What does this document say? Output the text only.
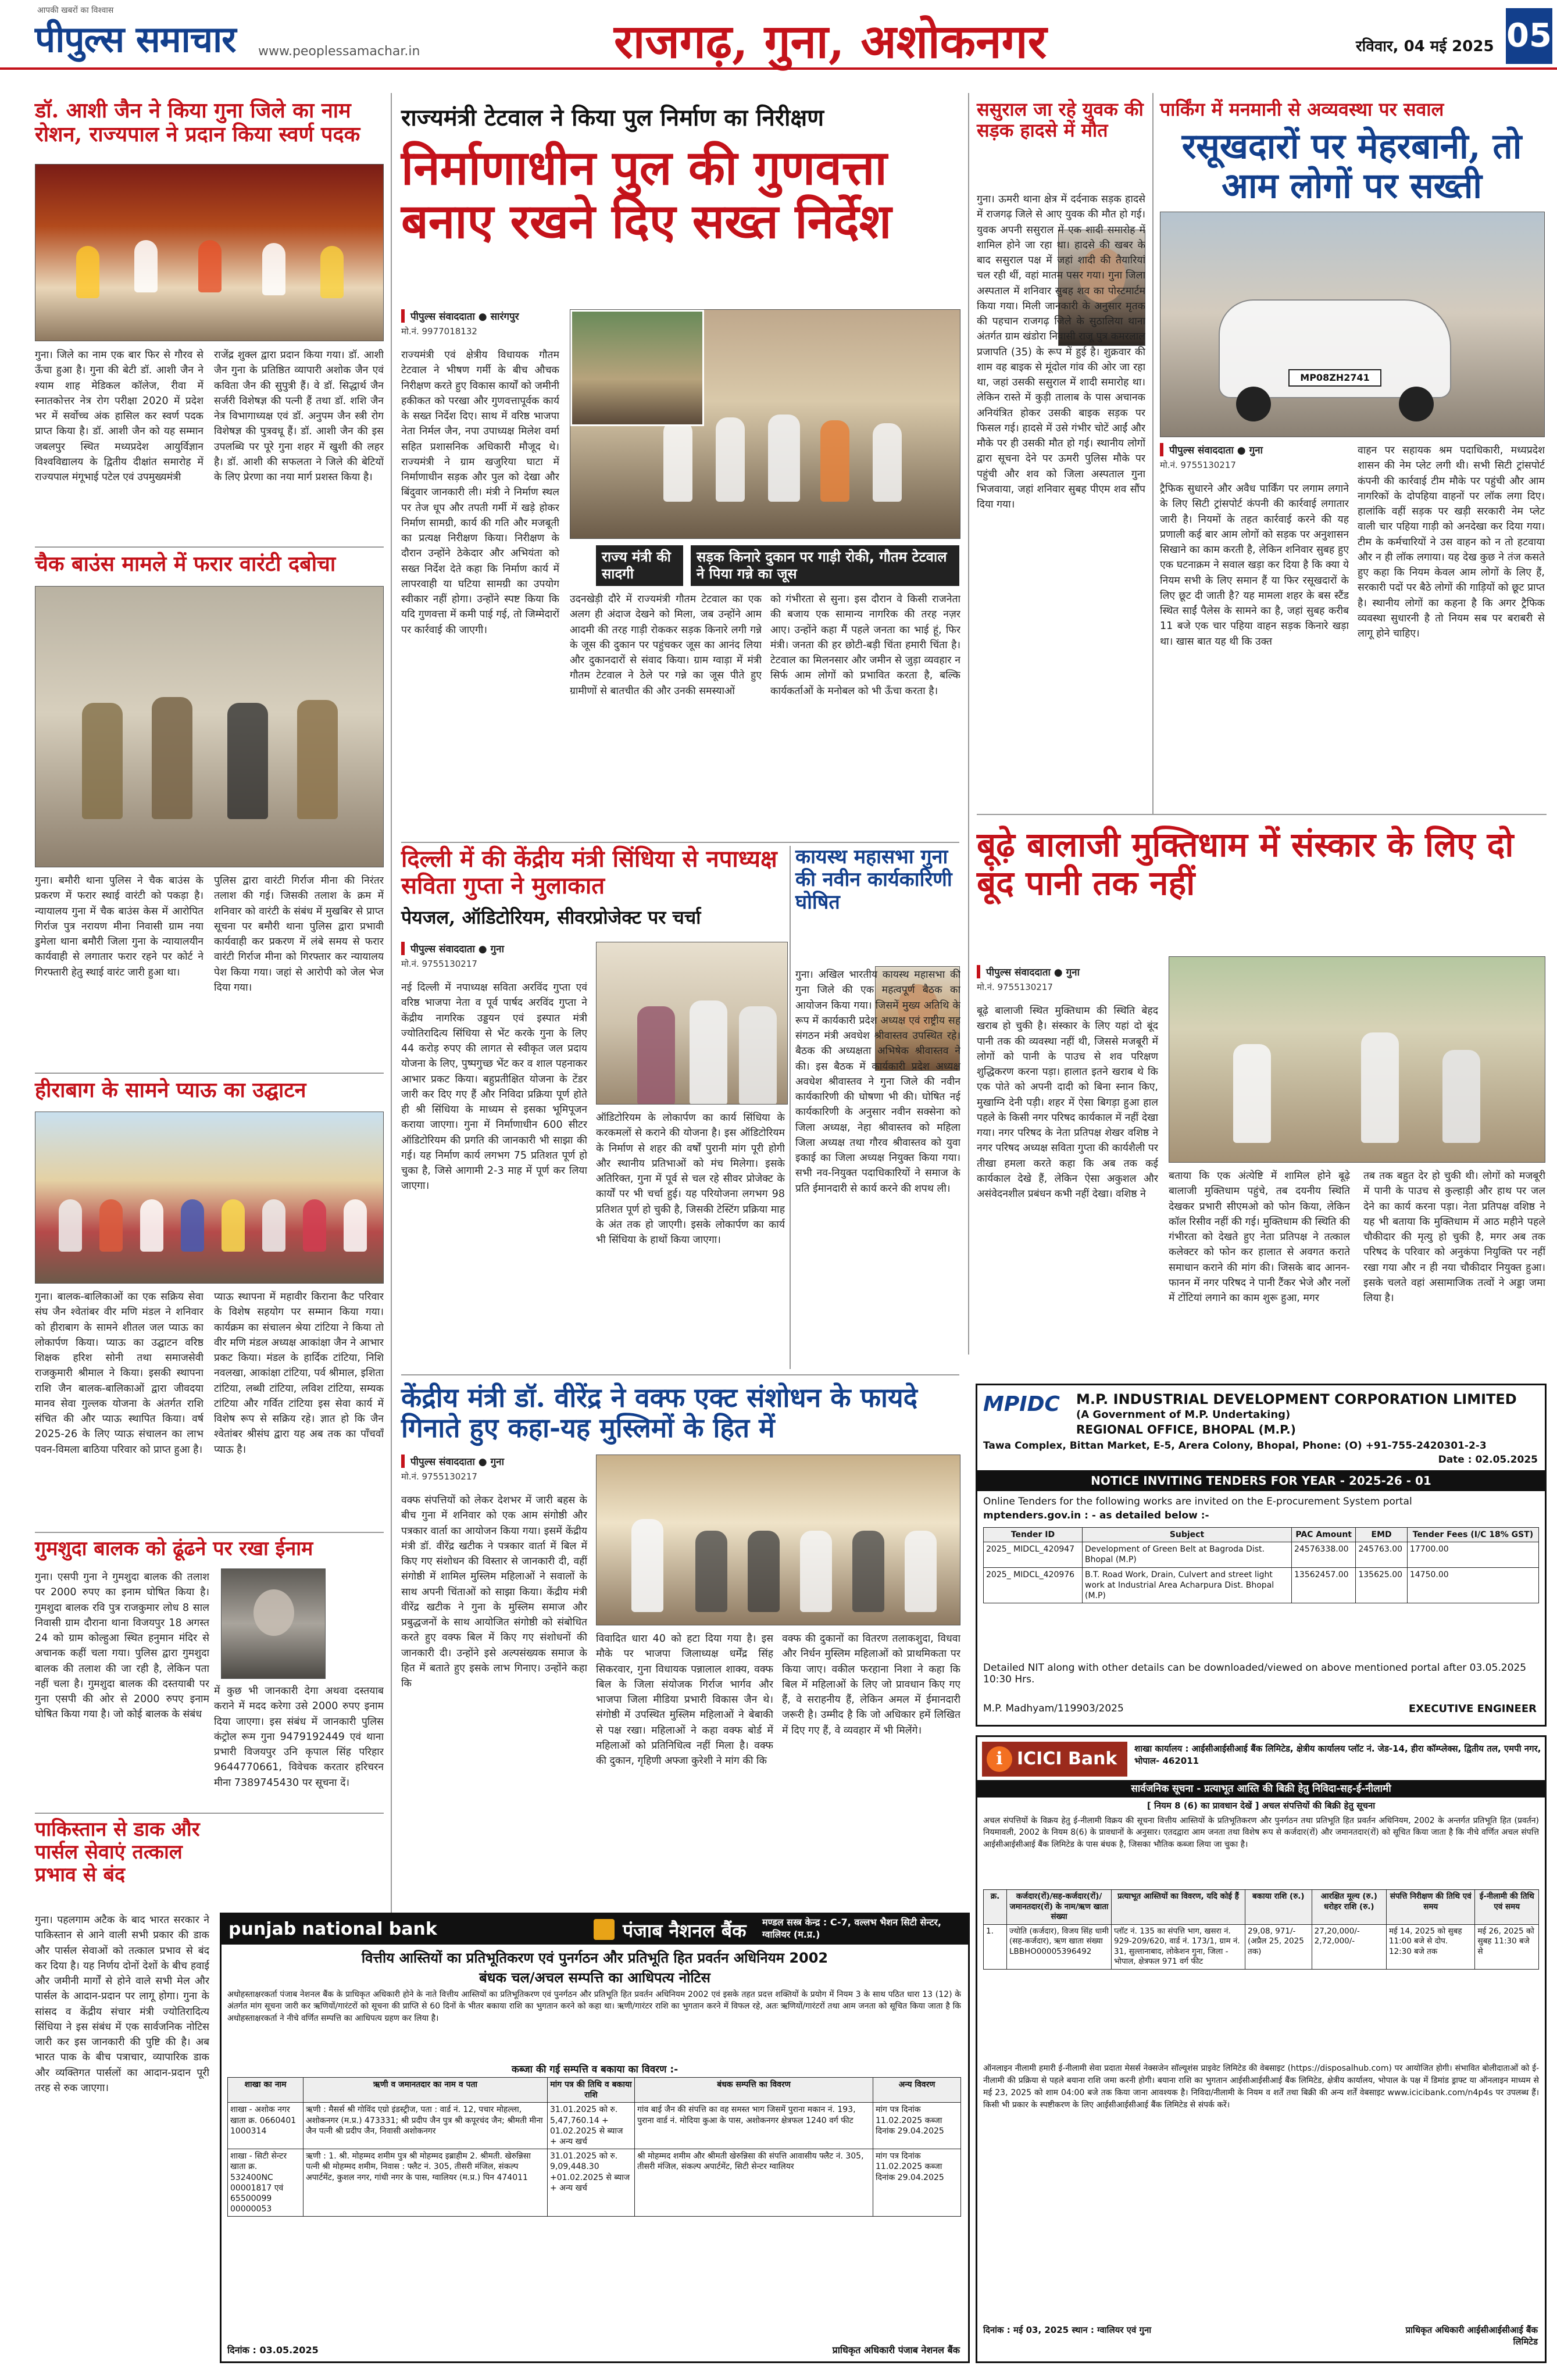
आपकी खबरों का विश्वास
पीपुल्स समाचार www.peoplessamachar.in	राजगढ़, गुना, अशोकनगर	रविवार, 04 मई 2025 05
डॉ. आशी जैन ने किया गुना जिले का नाम रोशन, राज्यपाल ने प्रदान किया स्वर्ण पदक
गुना। जिले का नाम एक बार फिर से गौरव से ऊँचा हुआ है। गुना की बेटी डॉ. आशी जैन ने श्याम शाह मेडिकल कॉलेज, रीवा में स्नातकोत्तर नेत्र रोग परीक्षा 2020 में प्रदेश भर में सर्वोच्च अंक हासिल कर स्वर्ण पदक प्राप्त किया है। डॉ. आशी जैन को यह सम्मान जबलपुर स्थित मध्यप्रदेश आयुर्विज्ञान विश्वविद्यालय के द्वितीय दीक्षांत समारोह में राज्यपाल मंगूभाई पटेल एवं उपमुख्यमंत्री
राजेंद्र शुक्ल द्वारा प्रदान किया गया। डॉ. आशी जैन गुना के प्रतिष्ठित व्यापारी अशोक जैन एवं कविता जैन की सुपुत्री हैं। वे डॉ. सिद्धार्थ जैन सर्जरी विशेषज्ञ की पत्नी हैं तथा डॉ. शशि जैन नेत्र विभागाध्यक्ष एवं डॉ. अनुपम जैन स्त्री रोग विशेषज्ञ की पुत्रवधू हैं। डॉ. आशी जैन की इस उपलब्धि पर पूरे गुना शहर में खुशी की लहर है। डॉ. आशी की सफलता ने जिले की बेटियों के लिए प्रेरणा का नया मार्ग प्रशस्त किया है।
चैक बाउंस मामले में फरार वारंटी दबोचा
गुना। बमौरी थाना पुलिस ने चैक बाउंस के प्रकरण में फरार स्थाई वारंटी को पकड़ा है। न्यायालय गुना में चैक बाउंस केस में आरोपित गिर्राज पुत्र नरायण मीना निवासी ग्राम नया डुमेला थाना बमौरी जिला गुना के न्यायालयीन कार्यवाही से लगातार फरार रहने पर कोर्ट ने गिरफ्तारी हेतु स्थाई वारंट जारी हुआ था।
पुलिस द्वारा वारंटी गिर्राज मीना की निरंतर तलाश की गई। जिसकी तलाश के क्रम में शनिवार को वारंटी के संबंध में मुखबिर से प्राप्त सूचना पर बमौरी थाना पुलिस द्वारा प्रभावी कार्यवाही कर प्रकरण में लंबे समय से फरार वारंटी गिर्राज मीना को गिरफ्तार कर न्यायालय पेश किया गया। जहां से आरोपी को जेल भेज दिया गया।
हीराबाग के सामने प्याऊ का उद्घाटन
गुना। बालक-बालिकाओं का एक सक्रिय सेवा संघ जैन श्वेतांबर वीर मणि मंडल ने शनिवार को हीराबाग के सामने शीतल जल प्याऊ का लोकार्पण किया। प्याऊ का उद्घाटन वरिष्ठ शिक्षक हरिश सोनी तथा समाजसेवी राजकुमारी श्रीमाल ने किया। इसकी स्थापना राशि जैन बालक-बालिकाओं द्वारा जीवदया मानव सेवा गुल्लक योजना के अंतर्गत राशि संचित की और प्याऊ स्थापित किया। वर्ष 2025-26 के लिए प्याऊ संचालन का लाभ पवन-विमला बाठिया परिवार को प्राप्त हुआ है।
प्याऊ स्थापना में महावीर किराना कैट परिवार के विशेष सहयोग पर सम्मान किया गया। कार्यक्रम का संचालन श्रेया टांटिया ने किया तो वीर मणि मंडल अध्यक्ष आकांक्षा जैन ने आभार प्रकट किया। मंडल के हार्दिक टांटिया, निशि नवलखा, आकांक्षा टांटिया, पर्व श्रीमाल, इशिता टांटिया, लब्धी टांटिया, लविश टांटिया, सम्यक टांटिया और गर्वित टांटिया इस सेवा कार्य में विशेष रूप से सक्रिय रहे। ज्ञात हो कि जैन श्वेतांबर श्रीसंघ द्वारा यह अब तक का पाँचवाँ प्याऊ है।
गुमशुदा बालक को ढूंढने पर रखा ईनाम
गुना। एसपी गुना ने गुमशुदा बालक की तलाश पर 2000 रुपए का इनाम घोषित किया है। गुमशुदा बालक रवि पुत्र राजकुमार लोध 8 साल निवासी ग्राम दौराना थाना विजयपुर 18 अगस्त 24 को ग्राम कोल्हुआ स्थित हनुमान मंदिर से अचानक कहीं चला गया। पुलिस द्वारा गुमशुदा बालक की तलाश की जा रही है, लेकिन पता नहीं चला है। गुमशुदा बालक की दस्तयाबी पर गुना एसपी की ओर से 2000 रुपए इनाम घोषित किया गया है। जो कोई बालक के संबंध
में कुछ भी जानकारी देगा अथवा दस्तयाब कराने में मदद करेगा उसे 2000 रुपए इनाम दिया जाएगा। इस संबंध में जानकारी पुलिस कंट्रोल रूम गुना 9479192449 एवं थाना प्रभारी विजयपुर उनि कृपाल सिंह परिहार 9644770661, विवेचक करतार हरिचरन मीना 7389745430 पर सूचना दें।
पाकिस्तान से डाक और पार्सल सेवाएं तत्काल प्रभाव से बंद
गुना। पहलगाम अटैक के बाद भारत सरकार ने पाकिस्तान से आने वाली सभी प्रकार की डाक और पार्सल सेवाओं को तत्काल प्रभाव से बंद कर दिया है। यह निर्णय दोनों देशों के बीच हवाई और जमीनी मार्गों से होने वाले सभी मेल और पार्सल के आदान-प्रदान पर लागू होगा। गुना के सांसद व केंद्रीय संचार मंत्री ज्योतिरादित्य सिंधिया ने इस संबंध में एक सार्वजनिक नोटिस जारी कर इस जानकारी की पुष्टि की है। अब भारत पाक के बीच पत्राचार, व्यापारिक डाक और व्यक्तिगत पार्सलों का आदान-प्रदान पूरी तरह से रुक जाएगा।
राज्यमंत्री टेटवाल ने किया पुल निर्माण का निरीक्षण
निर्माणाधीन पुल की गुणवत्ता बनाए रखने दिए सख्त निर्देश
पीपुल्स संवाददाता ● सारंगपुर
मो.नं. 9977018132
राज्यमंत्री एवं क्षेत्रीय विधायक गौतम टेटवाल ने भीषण गर्मी के बीच औचक निरीक्षण करते हुए विकास कार्यों को जमीनी हकीकत को परखा और गुणवत्तापूर्वक कार्य के सख्त निर्देश दिए। साथ में वरिष्ठ भाजपा नेता निर्मल जैन, नपा उपाध्यक्ष मिलेश वर्मा सहित प्रशासनिक अधिकारी मौजूद थे। राज्यमंत्री ने ग्राम खजुरिया घाटा में निर्माणाधीन सड़क और पुल को देखा और बिंदुवार जानकारी ली। मंत्री ने निर्माण स्थल पर तेज धूप और तपती गर्मी में खड़े होकर निर्माण सामग्री, कार्य की गति और मजबूती का प्रत्यक्ष निरीक्षण किया। निरीक्षण के दौरान उन्होंने ठेकेदार और अभियंता को सख्त निर्देश देते कहा कि निर्माण कार्य में लापरवाही या घटिया सामग्री का उपयोग स्वीकार नहीं होगा। उन्होंने स्पष्ट किया कि यदि गुणवत्ता में कमी पाई गई, तो जिम्मेदारों पर कार्रवाई की जाएगी।
राज्य मंत्री की सादगी
सड़क किनारे दुकान पर गाड़ी रोकी, गौतम टेटवाल ने पिया गन्ने का जूस
उदनखेड़ी दौरे में राज्यमंत्री गौतम टेटवाल का एक अलग ही अंदाज देखने को मिला, जब उन्होंने आम आदमी की तरह गाड़ी रोककर सड़क किनारे लगी गन्ने के जूस की दुकान पर पहुंचकर जूस का आनंद लिया और दुकानदारों से संवाद किया। ग्राम ग्वाड़ा में मंत्री गौतम टेटवाल ने ठेले पर गन्ने का जूस पीते हुए ग्रामीणों से बातचीत की और उनकी समस्याओं
को गंभीरता से सुना। इस दौरान वे किसी राजनेता की बजाय एक सामान्य नागरिक की तरह नज़र आए। उन्होंने कहा मैं पहले जनता का भाई हूं, फिर मंत्री। जनता की हर छोटी-बड़ी चिंता हमारी चिंता है। टेटवाल का मिलनसार और जमीन से जुड़ा व्यवहार न सिर्फ आम लोगों को प्रभावित करता है, बल्कि कार्यकर्ताओं के मनोबल को भी ऊँचा करता है।
दिल्ली में की केंद्रीय मंत्री सिंधिया से नपाध्यक्ष सविता गुप्ता ने मुलाकात
पेयजल, ऑडिटोरियम, सीवरप्रोजेक्ट पर चर्चा
पीपुल्स संवाददाता ● गुना
मो.नं. 9755130217
नई दिल्ली में नपाध्यक्ष सविता अरविंद गुप्ता एवं वरिष्ठ भाजपा नेता व पूर्व पार्षद अरविंद गुप्ता ने केंद्रीय नागरिक उड्डयन एवं इस्पात मंत्री ज्योतिरादित्य सिंधिया से भेंट करके गुना के लिए 44 करोड़ रुपए की लागत से स्वीकृत जल प्रदाय योजना के लिए, पुष्पगुच्छ भेंट कर व शाल पहनाकर आभार प्रकट किया। बहुप्रतीक्षित योजना के टेंडर जारी कर दिए गए हैं और निविदा प्रक्रिया पूर्ण होते ही श्री सिंधिया के माध्यम से इसका भूमिपूजन कराया जाएगा। गुना में निर्माणाधीन 600 सीटर ऑडिटोरियम की प्रगति की जानकारी भी साझा की गई। यह निर्माण कार्य लगभग 75 प्रतिशत पूर्ण हो चुका है, जिसे आगामी 2-3 माह में पूर्ण कर लिया जाएगा।
ऑडिटोरियम के लोकार्पण का कार्य सिंधिया के करकमलों से कराने की योजना है। इस ऑडिटोरियम के निर्माण से शहर की वर्षों पुरानी मांग पूरी होगी और स्थानीय प्रतिभाओं को मंच मिलेगा। इसके अतिरिक्त, गुना में पूर्व से चल रहे सीवर प्रोजेक्ट के कार्यों पर भी चर्चा हुई। यह परियोजना लगभग 98 प्रतिशत पूर्ण हो चुकी है, जिसकी टेस्टिंग प्रक्रिया माह के अंत तक हो जाएगी। इसके लोकार्पण का कार्य भी सिंधिया के हाथों किया जाएगा।
कायस्थ महासभा गुना की नवीन कार्यकारिणी घोषित
गुना। अखिल भारतीय कायस्थ महासभा की गुना जिले की एक महत्वपूर्ण बैठक का आयोजन किया गया। जिसमें मुख्य अतिथि के रूप में कार्यकारी प्रदेश अध्यक्ष एवं राष्ट्रीय सह संगठन मंत्री अवधेश श्रीवास्तव उपस्थित रहे। बैठक की अध्यक्षता अभिषेक श्रीवास्तव ने की। इस बैठक में कार्यकारी प्रदेश अध्यक्ष अवधेश श्रीवास्तव ने गुना जिले की नवीन कार्यकारिणी की घोषणा भी की। घोषित नई कार्यकारिणी के अनुसार नवीन सक्सेना को जिला अध्यक्ष, नेहा श्रीवास्तव को महिला जिला अध्यक्ष तथा गौरव श्रीवास्तव को युवा इकाई का जिला अध्यक्ष नियुक्त किया गया। सभी नव-नियुक्त पदाधिकारियों ने समाज के प्रति ईमानदारी से कार्य करने की शपथ ली।
केंद्रीय मंत्री डॉ. वीरेंद्र ने वक्फ एक्ट संशोधन के फायदे गिनाते हुए कहा-यह मुस्लिमों के हित में
पीपुल्स संवाददाता ● गुना
मो.नं. 9755130217
वक्फ संपत्तियों को लेकर देशभर में जारी बहस के बीच गुना में शनिवार को एक आम संगोष्ठी और पत्रकार वार्ता का आयोजन किया गया। इसमें केंद्रीय मंत्री डॉ. वीरेंद्र खटीक ने पत्रकार वार्ता में बिल में किए गए संशोधन की विस्तार से जानकारी दी, वहीं संगोष्ठी में शामिल मुस्लिम महिलाओं ने सवालों के साथ अपनी चिंताओं को साझा किया। केंद्रीय मंत्री वीरेंद्र खटीक ने गुना के मुस्लिम समाज और प्रबुद्धजनों के साथ आयोजित संगोष्ठी को संबोधित करते हुए वक्फ बिल में किए गए संशोधनों की जानकारी दी। उन्होंने इसे अल्पसंख्यक समाज के हित में बताते हुए इसके लाभ गिनाए। उन्होंने कहा कि
विवादित धारा 40 को हटा दिया गया है। इस मौके पर भाजपा जिलाध्यक्ष धर्मेंद्र सिंह सिकरवार, गुना विधायक पन्नालाल शाक्य, वक्फ बिल के जिला संयोजक गिर्राज भार्गव और भाजपा जिला मीडिया प्रभारी विकास जैन थे। संगोष्ठी में उपस्थित मुस्लिम महिलाओं ने बेबाकी से पक्ष रखा। महिलाओं ने कहा वक्फ बोर्ड में महिलाओं को प्रतिनिधित्व नहीं मिला है। वक्फ की दुकान, गृहिणी अफ्जा कुरेशी ने मांग की कि
वक्फ की दुकानों का वितरण तलाकशुदा, विधवा और निर्धन मुस्लिम महिलाओं को प्राथमिकता पर किया जाए। वकील फरहाना निशा ने कहा कि बिल में महिलाओं के लिए जो प्रावधान किए गए हैं, वे सराहनीय हैं, लेकिन अमल में ईमानदारी जरूरी है। उम्मीद है कि जो अधिकार हमें लिखित में दिए गए हैं, वे व्यवहार में भी मिलेंगे।
ससुराल जा रहे युवक की सड़क हादसे में मौत
गुना। ऊमरी थाना क्षेत्र में दर्दनाक सड़क हादसे में राजगढ़ जिले से आए युवक की मौत हो गई। युवक अपनी ससुराल में एक शादी समारोह में शामिल होने जा रहा था। हादसे की खबर के बाद ससुराल पक्ष में जहां शादी की तैयारियां चल रही थीं, वहां मातम पसर गया। गुना जिला अस्पताल में शनिवार सुबह शव का पोस्टमार्टम किया गया। मिली जानकारी के अनुसार मृतक की पहचान राजगढ़ जिले के सुठालिया थाना अंतर्गत ग्राम खंडोरा निवासी राजू पुत्र कमरलाल प्रजापति (35) के रूप में हुई है। शुक्रवार की शाम वह बाइक से मूंदोल गांव की ओर जा रहा था, जहां उसकी ससुराल में शादी समारोह था। लेकिन रास्ते में कुड़ी तालाब के पास अचानक अनियंत्रित होकर उसकी बाइक सड़क पर फिसल गई। हादसे में उसे गंभीर चोटें आईं और मौके पर ही उसकी मौत हो गई। स्थानीय लोगों द्वारा सूचना देने पर ऊमरी पुलिस मौके पर पहुंची और शव को जिला अस्पताल गुना भिजवाया, जहां शनिवार सुबह पीएम शव सौंप दिया गया।
पार्किंग में मनमानी से अव्यवस्था पर सवाल
रसूखदारों पर मेहरबानी, तो आम लोगों पर सख्ती
MP08ZH2741
पीपुल्स संवाददाता ● गुना
मो.नं. 9755130217
ट्रैफिक सुधारने और अवैध पार्किंग पर लगाम लगाने के लिए सिटी ट्रांसपोर्ट कंपनी की कार्रवाई लगातार जारी है। नियमों के तहत कार्रवाई करने की यह प्रणाली कई बार आम लोगों को सड़क पर अनुशासन सिखाने का काम करती है, लेकिन शनिवार सुबह हुए एक घटनाक्रम ने सवाल खड़ा कर दिया है कि क्या ये नियम सभी के लिए समान हैं या फिर रसूखदारों के लिए छूट दी जाती है? यह मामला शहर के बस स्टैंड स्थित साईं पैलेस के सामने का है, जहां सुबह करीब 11 बजे एक चार पहिया वाहन सड़क किनारे खड़ा था। खास बात यह थी कि उक्त
वाहन पर सहायक श्रम पदाधिकारी, मध्यप्रदेश शासन की नेम प्लेट लगी थी। सभी सिटी ट्रांसपोर्ट कंपनी की कार्रवाई टीम मौके पर पहुंची और आम नागरिकों के दोपहिया वाहनों पर लॉक लगा दिए। हालांकि वहीं सड़क पर खड़ी सरकारी नेम प्लेट वाली चार पहिया गाड़ी को अनदेखा कर दिया गया। टीम के कर्मचारियों ने उस वाहन को न तो हटवाया और न ही लॉक लगाया। यह देख कुछ ने तंज कसते हुए कहा कि नियम केवल आम लोगों के लिए हैं, सरकारी पदों पर बैठे लोगों की गाड़ियों को छूट प्राप्त है। स्थानीय लोगों का कहना है कि अगर ट्रैफिक व्यवस्था सुधारनी है तो नियम सब पर बराबरी से लागू होने चाहिए।
बूढ़े बालाजी मुक्तिधाम में संस्कार के लिए दो बूंद पानी तक नहीं
पीपुल्स संवाददाता ● गुना
मो.नं. 9755130217
बूढ़े बालाजी स्थित मुक्तिधाम की स्थिति बेहद खराब हो चुकी है। संस्कार के लिए यहां दो बूंद पानी तक की व्यवस्था नहीं थी, जिससे मजबूरी में लोगों को पानी के पाउच से शव परिक्षण शुद्धिकरण करना पड़ा। हालात इतने खराब थे कि एक पोते को अपनी दादी को बिना स्नान किए, मुखाग्नि देनी पड़ी। शहर में ऐसा बिगड़ा हुआ हाल पहले के किसी नगर परिषद कार्यकाल में नहीं देखा गया। नगर परिषद के नेता प्रतिपक्ष शेखर वशिष्ठ ने नगर परिषद अध्यक्ष सविता गुप्ता की कार्यशैली पर तीखा हमला करते कहा कि अब तक कई कार्यकाल देखे हैं, लेकिन ऐसा अकुशल और असंवेदनशील प्रबंधन कभी नहीं देखा। वशिष्ठ ने
बताया कि एक अंत्येष्टि में शामिल होने बूढ़े बालाजी मुक्तिधाम पहुंचे, तब दयनीय स्थिति देखकर प्रभारी सीएमओ को फोन किया, लेकिन कॉल रिसीव नहीं की गई। मुक्तिधाम की स्थिति की गंभीरता को देखते हुए नेता प्रतिपक्ष ने तत्काल कलेक्टर को फोन कर हालात से अवगत कराते समाधान कराने की मांग की। जिसके बाद आनन-फानन में नगर परिषद ने पानी टैंकर भेजे और नलों में टोंटियां लगाने का काम शुरू हुआ, मगर
तब तक बहुत देर हो चुकी थी। लोगों को मजबूरी में पानी के पाउच से कुल्हाड़ी और हाथ पर जल देने का कार्य करना पड़ा। नेता प्रतिपक्ष वशिष्ठ ने यह भी बताया कि मुक्तिधाम में आठ महीने पहले चौकीदार की मृत्यु हो चुकी है, मगर अब तक परिषद के परिवार को अनुकंपा नियुक्ति पर नहीं रखा गया और न ही नया चौकीदार नियुक्त हुआ। इसके चलते वहां असामाजिक तत्वों ने अड्डा जमा लिया है।
MPIDC	M.P. INDUSTRIAL DEVELOPMENT CORPORATION LIMITED
(A Government of M.P. Undertaking)
REGIONAL OFFICE, BHOPAL (M.P.)
Tawa Complex, Bittan Market, E-5, Arera Colony, Bhopal, Phone: (O) +91-755-2420301-2-3
Date : 02.05.2025
NOTICE INVITING TENDERS FOR YEAR - 2025-26 - 01
Online Tenders for the following works are invited on the E-procurement System portal
mptenders.gov.in : - as detailed below :-
Tender ID	Subject	PAC Amount	EMD	Tender Fees (I/C 18% GST)
2025_ MIDCL_420947	Development of Green Belt at Bagroda Dist. Bhopal (M.P)	24576338.00	245763.00	17700.00
2025_ MIDCL_420976	B.T. Road Work, Drain, Culvert and street light work at Industrial Area Acharpura Dist. Bhopal (M.P)	13562457.00	135625.00	14750.00
Detailed NIT along with other details can be downloaded/viewed on above mentioned portal after 03.05.2025 10:30 Hrs.
M.P. Madhyam/119903/2025	EXECUTIVE ENGINEER
i ICICI Bank शाखा कार्यालय : आईसीआईसीआई बैंक लिमिटेड, क्षेत्रीय कार्यालय प्लॉट नं. जेड-14, हीरा कॉम्प्लेक्स, द्वितीय तल, एमपी नगर, भोपाल- 462011
सार्वजनिक सूचना - प्रत्याभूत आस्ति की बिक्री हेतु निविदा-सह-ई-नीलामी
[ नियम 8 (6) का प्रावधान देखें ] अचल संपत्तियों की बिक्री हेतु सूचना
अचल संपत्तियों के विक्रय हेतु ई-नीलामी विक्रय की सूचना वित्तीय आस्तियों के प्रतिभूतिकरण और पुनर्गठन तथा प्रतिभूति हित प्रवर्तन अधिनियम, 2002 के अन्तर्गत प्रतिभूति हित (प्रवर्तन) नियमावली, 2002 के नियम 8(6) के प्रावधानों के अनुसार। एतदद्वारा आम जनता तथा विशेष रूप से कर्जदार(रों) और जमानतदार(रों) को सूचित किया जाता है कि नीचे वर्णित अचल संपत्ति आईसीआईसीआई बैंक लिमिटेड के पास बंधक है, जिसका भौतिक कब्जा लिया जा चुका है।
क्र.	कर्जदार(रों)/सह-कर्जदार(रों)/जमानतदार(रों) के नाम/ऋण खाता संख्या	प्रत्याभूत आस्तियों का विवरण, यदि कोई हैं	बकाया राशि (रु.)	आरक्षित मूल्य (रु.) धरोहर राशि (रु.)	संपत्ति निरीक्षण की तिथि एवं समय	ई-नीलामी की तिथि एवं समय
1.	ज्योति (कर्जदार), विजय सिंह धामी (सह-कर्जदार), ऋण खाता संख्या LBBHO00005396492	प्लॉट नं. 135 का संपत्ति भाग, खसरा नं. 929-209/620, वार्ड नं. 173/1, ग्राम नं. 31, सुल्तानाबाद, लोकेशन गुना, जिला - भोपाल, क्षेत्रफल 971 वर्ग फीट	29,08, 971/- (अप्रैल 25, 2025 तक)	27,20,000/- 2,72,000/-	मई 14, 2025 को सुबह 11:00 बजे से दोप. 12:30 बजे तक	मई 26, 2025 को सुबह 11:30 बजे से
ऑनलाइन नीलामी हमारी ई-नीलामी सेवा प्रदाता मेसर्स नेक्सजेन सॉल्यूशंस प्राइवेट लिमिटेड की वेबसाइट (https://disposalhub.com) पर आयोजित होगी। संभावित बोलीदाताओं को ई-नीलामी की प्रक्रिया से पहले बयाना राशि जमा करनी होगी। बयाना राशि का भुगतान आईसीआईसीआई बैंक लिमिटेड, क्षेत्रीय कार्यालय, भोपाल के पक्ष में डिमांड ड्राफ्ट या ऑनलाइन माध्यम से मई 23, 2025 को शाम 04:00 बजे तक किया जाना आवश्यक है। निविदा/नीलामी के नियम व शर्तें तथा बिक्री की अन्य शर्तें वेबसाइट www.icicibank.com/n4p4s पर उपलब्ध हैं। किसी भी प्रकार के स्पष्टीकरण के लिए आईसीआईसीआई बैंक लिमिटेड से संपर्क करें।
दिनांक : मई 03, 2025 स्थान : ग्वालियर एवं गुना	प्राधिकृत अधिकारी आईसीआईसीआई बैंक लिमिटेड
punjab national bank	पंजाब नैशनल बैंक मण्डल सस्त्र केन्द्र : C-7, वल्लभ भैशन सिटी सेन्टर, ग्वालियर (म.प्र.)
वित्तीय आस्तियों का प्रतिभूतिकरण एवं पुनर्गठन और प्रतिभूति हित प्रवर्तन अधिनियम 2002
बंधक चल/अचल सम्पत्ति का आधिपत्य नोटिस
अधोहस्ताक्षरकर्ता पंजाब नेशनल बैंक के प्राधिकृत अधिकारी होने के नाते वित्तीय आस्तियों का प्रतिभूतिकरण एवं पुनर्गठन और प्रतिभूति हित प्रवर्तन अधिनियम 2002 एवं इसके तहत प्रदत्त शक्तियों के प्रयोग में नियम 3 के साथ पठित धारा 13 (12) के अंतर्गत मांग सूचना जारी कर ऋणियों/गारंटरों को सूचना की प्राप्ति से 60 दिनों के भीतर बकाया राशि का भुगतान करने को कहा था। ऋणी/गारंटर राशि का भुगतान करने में विफल रहे, अतः ऋणियों/गारंटरों तथा आम जनता को सूचित किया जाता है कि अधोहस्ताक्षरकर्ता ने नीचे वर्णित सम्पत्ति का आधिपत्य ग्रहण कर लिया है।
कब्जा की गई सम्पत्ति व बकाया का विवरण :-
शाखा का नाम	ऋणी व जमानतदार का नाम व पता	मांग पत्र की तिथि व बकाया राशि	बंधक सम्पत्ति का विवरण	अन्य विवरण
शाखा - अशोक नगर खाता क्र. 0660401 1000314	ऋणी : मैसर्स श्री गोविंद एग्रो इंडस्ट्रीज, पता : वार्ड नं. 12, पचार मोहल्ला, अशोकनगर (म.प्र.) 473331; श्री प्रदीप जैन पुत्र श्री कपूरचंद जैन; श्रीमती मीना जैन पत्नी श्री प्रदीप जैन, निवासी अशोकनगर	31.01.2025 को रु. 5,47,760.14 + 01.02.2025 से ब्याज + अन्य खर्च	गांव बाई जैन की संपत्ति का वह समस्त भाग जिसमें पुराना मकान नं. 193, पुराना वार्ड नं. मोदिया कुआ के पास, अशोकनगर क्षेत्रफल 1240 वर्ग फीट	मांग पत्र दिनांक 11.02.2025 कब्जा दिनांक 29.04.2025
शाखा - सिटी सेन्टर खाता क्र. 532400NC 00001817 एवं 65500099 00000053	ऋणी : 1. श्री. मोहम्मद शमीम पुत्र श्री मोहम्मद इब्राहीम 2. श्रीमती. खेरुन्निसा पत्नी श्री मोहम्मद शमीम, निवास : फ्लैट नं. 305, तीसरी मंजिल, संकल्प अपार्टमेंट, कुशल नगर, गांधी नगर के पास, ग्वालियर (म.प्र.) पिन 474011	31.01.2025 को रु. 9,09,448.30 +01.02.2025 से ब्याज + अन्य खर्च	श्री मोहम्मद शमीम और श्रीमती खेरुन्निसा की संपत्ति आवासीय फ्लैट नं. 305, तीसरी मंजिल, संकल्प अपार्टमेंट, सिटी सेन्टर ग्वालियर	मांग पत्र दिनांक 11.02.2025 कब्जा दिनांक 29.04.2025
दिनांक : 03.05.2025	प्राधिकृत अधिकारी पंजाब नेशनल बैंक
